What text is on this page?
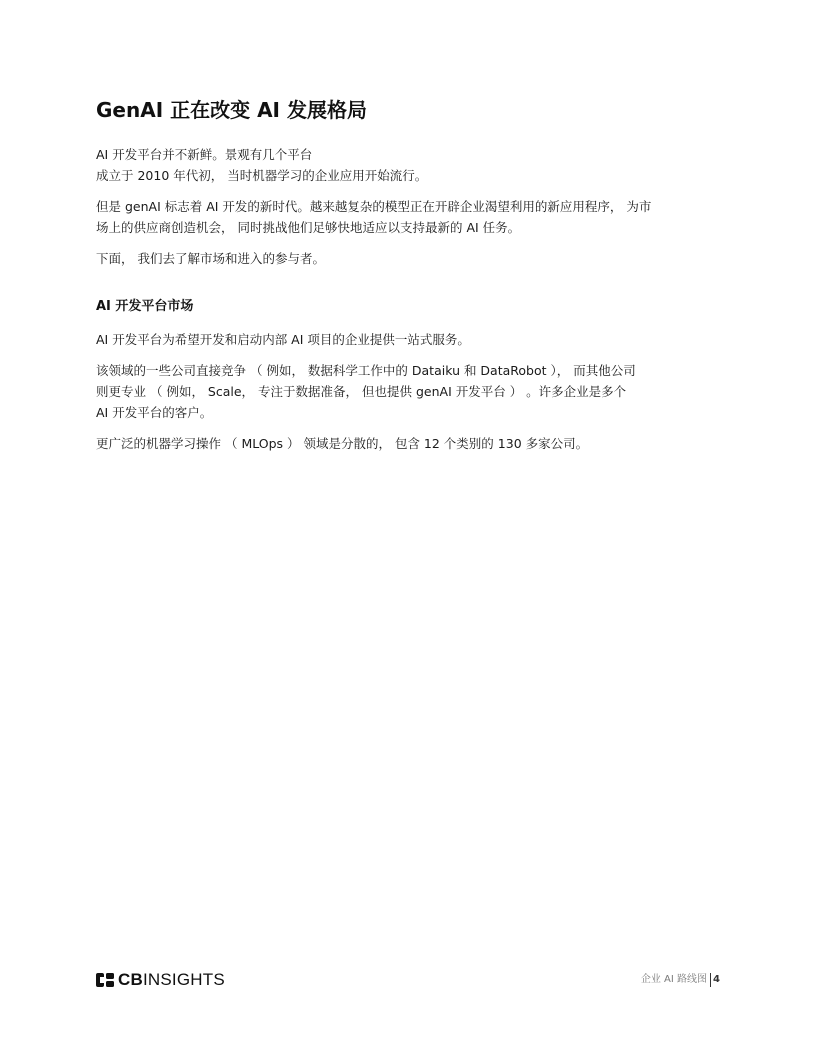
GenAI 正在改变 AI 发展格局

AI 开发平台并不新鲜。景观有几个平台
成立于 2010 年代初， 当时机器学习的企业应用开始流行。

但是 genAI 标志着 AI 开发的新时代。越来越复杂的模型正在开辟企业渴望利用的新应用程序， 为市
场上的供应商创造机会， 同时挑战他们足够快地适应以支持最新的 AI 任务。

下面， 我们去了解市场和进入的参与者。

AI 开发平台市场

AI 开发平台为希望开发和启动内部 AI 项目的企业提供一站式服务。

该领域的一些公司直接竞争 （ 例如， 数据科学工作中的 Dataiku 和 DataRobot ）， 而其他公司
则更专业 （ 例如， Scale， 专注于数据准备， 但也提供 genAI 开发平台 ） 。许多企业是多个
AI 开发平台的客户。

更广泛的机器学习操作 （ MLOps ） 领域是分散的， 包含 12 个类别的 130 多家公司。

CBINSIGHTS	企业 AI 路线图 4
